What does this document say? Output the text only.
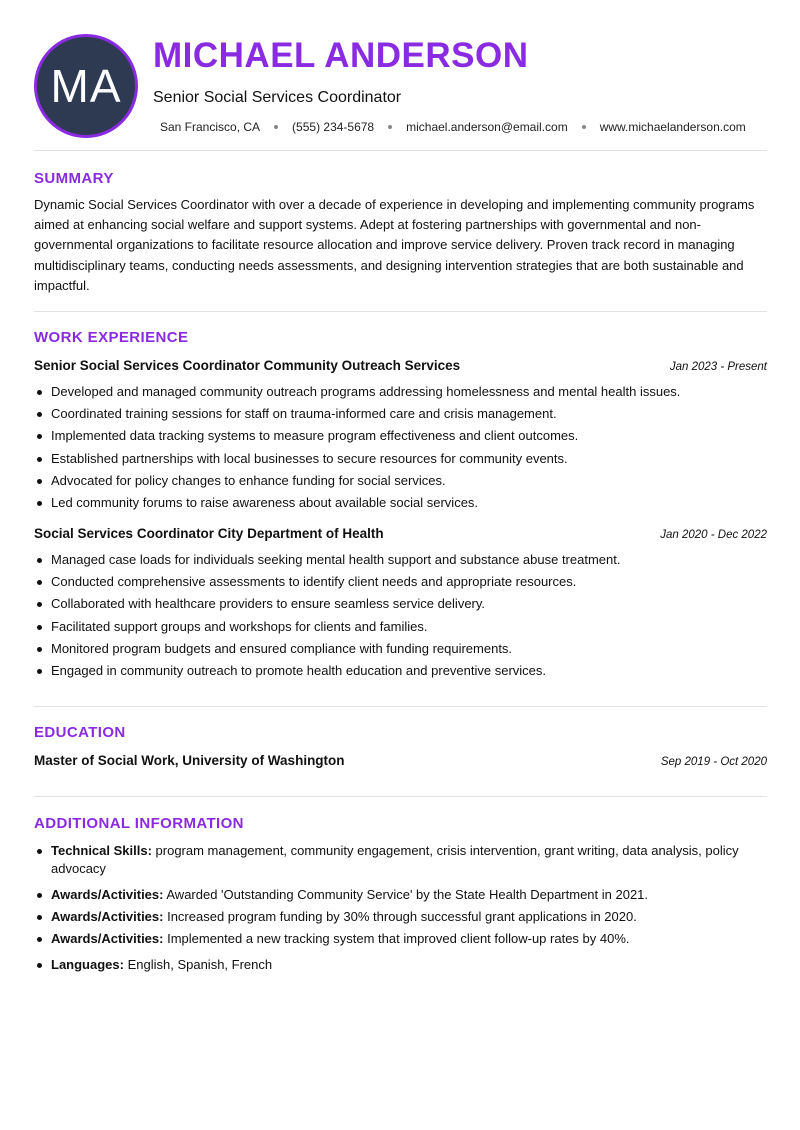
MA
MICHAEL ANDERSON

Senior Social Services Coordinator

San Francisco, CA	(555) 234-5678	michael.anderson@email.com	www.michaelanderson.com
SUMMARY

Dynamic Social Services Coordinator with over a decade of experience in developing and implementing community programs aimed at enhancing social welfare and support systems. Adept at fostering partnerships with governmental and non-governmental organizations to facilitate resource allocation and improve service delivery. Proven track record in managing multidisciplinary teams, conducting needs assessments, and designing intervention strategies that are both sustainable and impactful.

WORK EXPERIENCE
Senior Social Services Coordinator Community Outreach Services	Jan 2023 - Present
Developed and managed community outreach programs addressing homelessness and mental health issues.
Coordinated training sessions for staff on trauma-informed care and crisis management.
Implemented data tracking systems to measure program effectiveness and client outcomes.
Established partnerships with local businesses to secure resources for community events.
Advocated for policy changes to enhance funding for social services.
Led community forums to raise awareness about available social services.
Social Services Coordinator City Department of Health	Jan 2020 - Dec 2022
Managed case loads for individuals seeking mental health support and substance abuse treatment.
Conducted comprehensive assessments to identify client needs and appropriate resources.
Collaborated with healthcare providers to ensure seamless service delivery.
Facilitated support groups and workshops for clients and families.
Monitored program budgets and ensured compliance with funding requirements.
Engaged in community outreach to promote health education and preventive services.
EDUCATION
Master of Social Work, University of Washington	Sep 2019 - Oct 2020
ADDITIONAL INFORMATION
Technical Skills: program management, community engagement, crisis intervention, grant writing, data analysis, policy advocacy
Awards/Activities: Awarded 'Outstanding Community Service' by the State Health Department in 2021.
Awards/Activities: Increased program funding by 30% through successful grant applications in 2020.
Awards/Activities: Implemented a new tracking system that improved client follow-up rates by 40%.
Languages: English, Spanish, French
